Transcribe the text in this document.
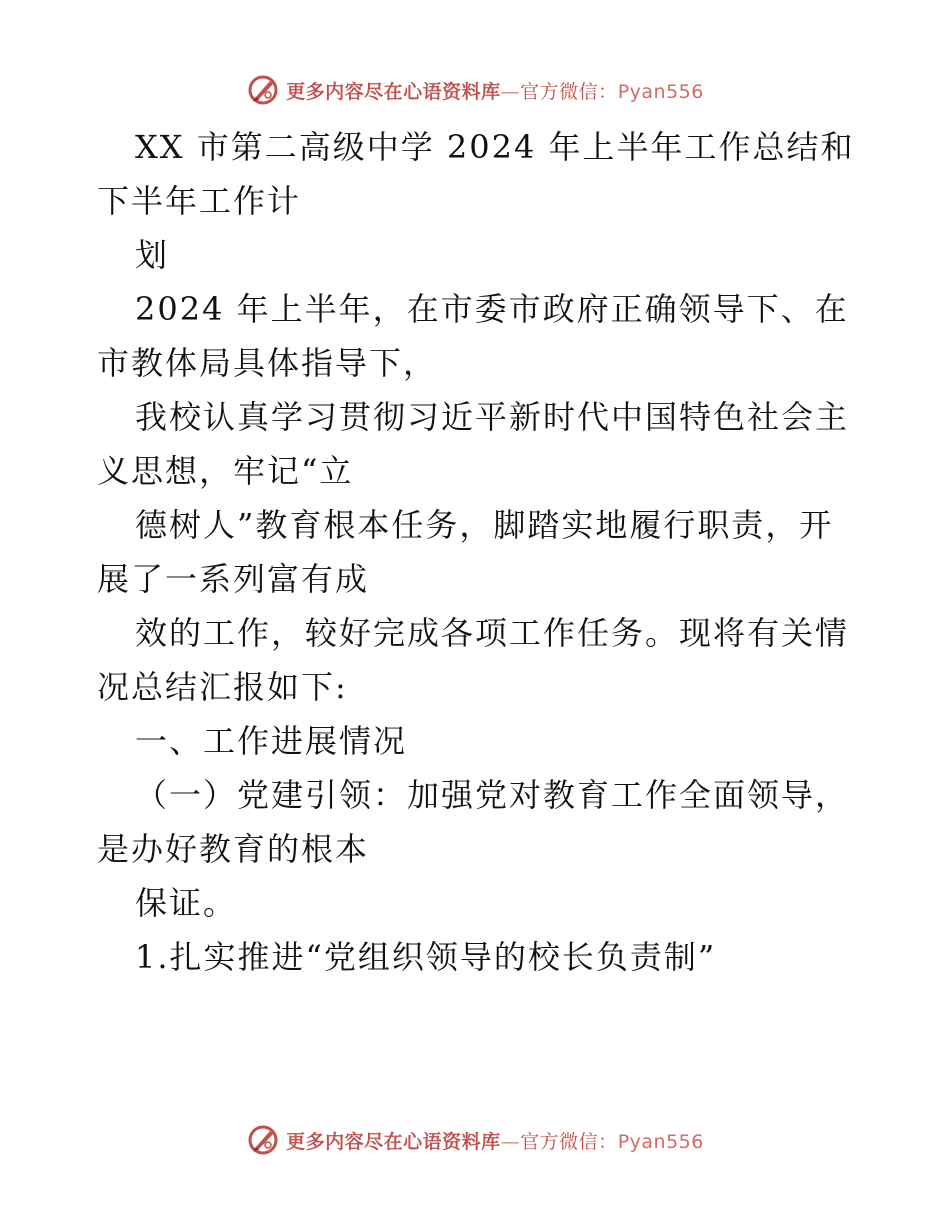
更多内容尽在心语资料库—官方微信：Pyan556
XX 市第二高级中学 2024 年上半年工作总结和
下半年工作计
划
2024 年上半年，在市委市政府正确领导下、在
市教体局具体指导下，
我校认真学习贯彻习近平新时代中国特色社会主
义思想，牢记“立
德树人”教育根本任务，脚踏实地履行职责，开
展了一系列富有成
效的工作，较好完成各项工作任务。现将有关情
况总结汇报如下:
一、工作进展情况
（一）党建引领：加强党对教育工作全面领导，
是办好教育的根本
保证。
1.扎实推进“党组织领导的校长负责制”
更多内容尽在心语资料库—官方微信：Pyan556
